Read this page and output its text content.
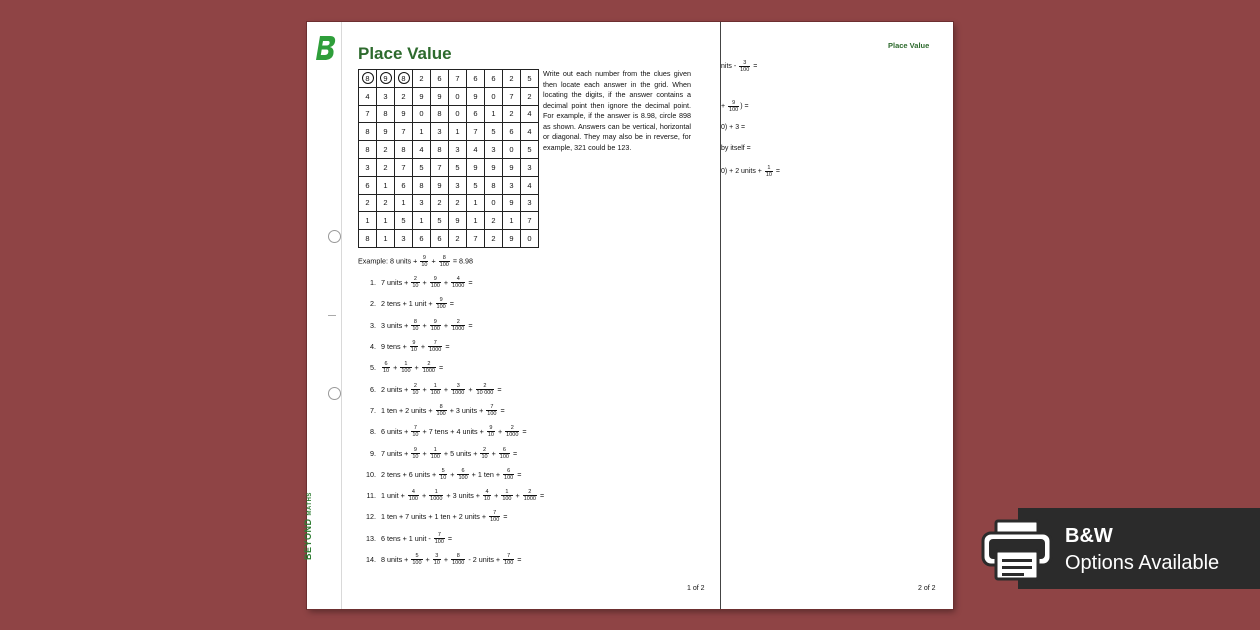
BEYONDMATHS
Place Value
8	9	8	2	6	7	6	6	2	5
4	3	2	9	9	0	9	0	7	2
7	8	9	0	8	0	6	1	2	4
8	9	7	1	3	1	7	5	6	4
8	2	8	4	8	3	4	3	0	5
3	2	7	5	7	5	9	9	9	3
6	1	6	8	9	3	5	8	3	4
2	2	1	3	2	2	1	0	9	3
1	1	5	1	5	9	1	2	1	7
8	1	3	6	6	2	7	2	9	0
Write out each number from the clues given then locate each answer in the grid. When locating the digits, if the answer contains a decimal point then ignore the decimal point. For example, if the answer is 8.98, circle 898 as shown. Answers can be vertical, horizontal or diagonal. They may also be in reverse, for example, 321 could be 123.
Example: 8 units + $\frac{9}{10} + \frac{8}{100} = 8.98$
1. 7 units + $\frac{2}{10} + \frac{9}{100} + \frac{4}{1000}$ =
2. 2 tens + 1 unit + $\frac{9}{100}$ =
3. 3 units + $\frac{8}{10} + \frac{9}{100} + \frac{2}{1000}$ =
4. 9 tens + $\frac{9}{10} + \frac{7}{1000}$ =
5. $\frac{6}{10} + \frac{1}{100} + \frac{2}{1000}$ =
6. 2 units + $\frac{2}{10} + \frac{1}{100} + \frac{3}{1000} + \frac{2}{10 000}$ =
7. 1 ten + 2 units + $\frac{8}{100} + 3$ units + $\frac{7}{100}$ =
8. 6 units + $\frac{7}{10} + 7$ tens + 4 units + $\frac{9}{10} + \frac{2}{1000}$ =
9. 7 units + $\frac{9}{10} + \frac{1}{100} + 5$ units + $\frac{2}{10} + \frac{6}{100}$ =
10. 2 tens + 6 units + $\frac{5}{10} + \frac{6}{100} + 1$ ten + $\frac{6}{100}$ =
11. 1 unit + $\frac{4}{100} + \frac{1}{1000} + 3$ units + $\frac{4}{10} + \frac{1}{100} + \frac{2}{1000}$ =
12. 1 ten + 7 units + 1 ten + 2 units + $\frac{7}{100}$ =
13. 6 tens + 1 unit - $\frac{7}{100}$ =
14. 8 units + $\frac{5}{100} + \frac{3}{10} + \frac{8}{1000} - 2$ units + $\frac{7}{100}$ =
1 of 2
Place Value
nits - $\frac{3}{100}$ =
+ $\frac{9}{100}$ ) =
0) + 3 =
by itself =
0) + 2 units + $\frac{1}{10}$ =
2 of 2
B&W
Options Available
